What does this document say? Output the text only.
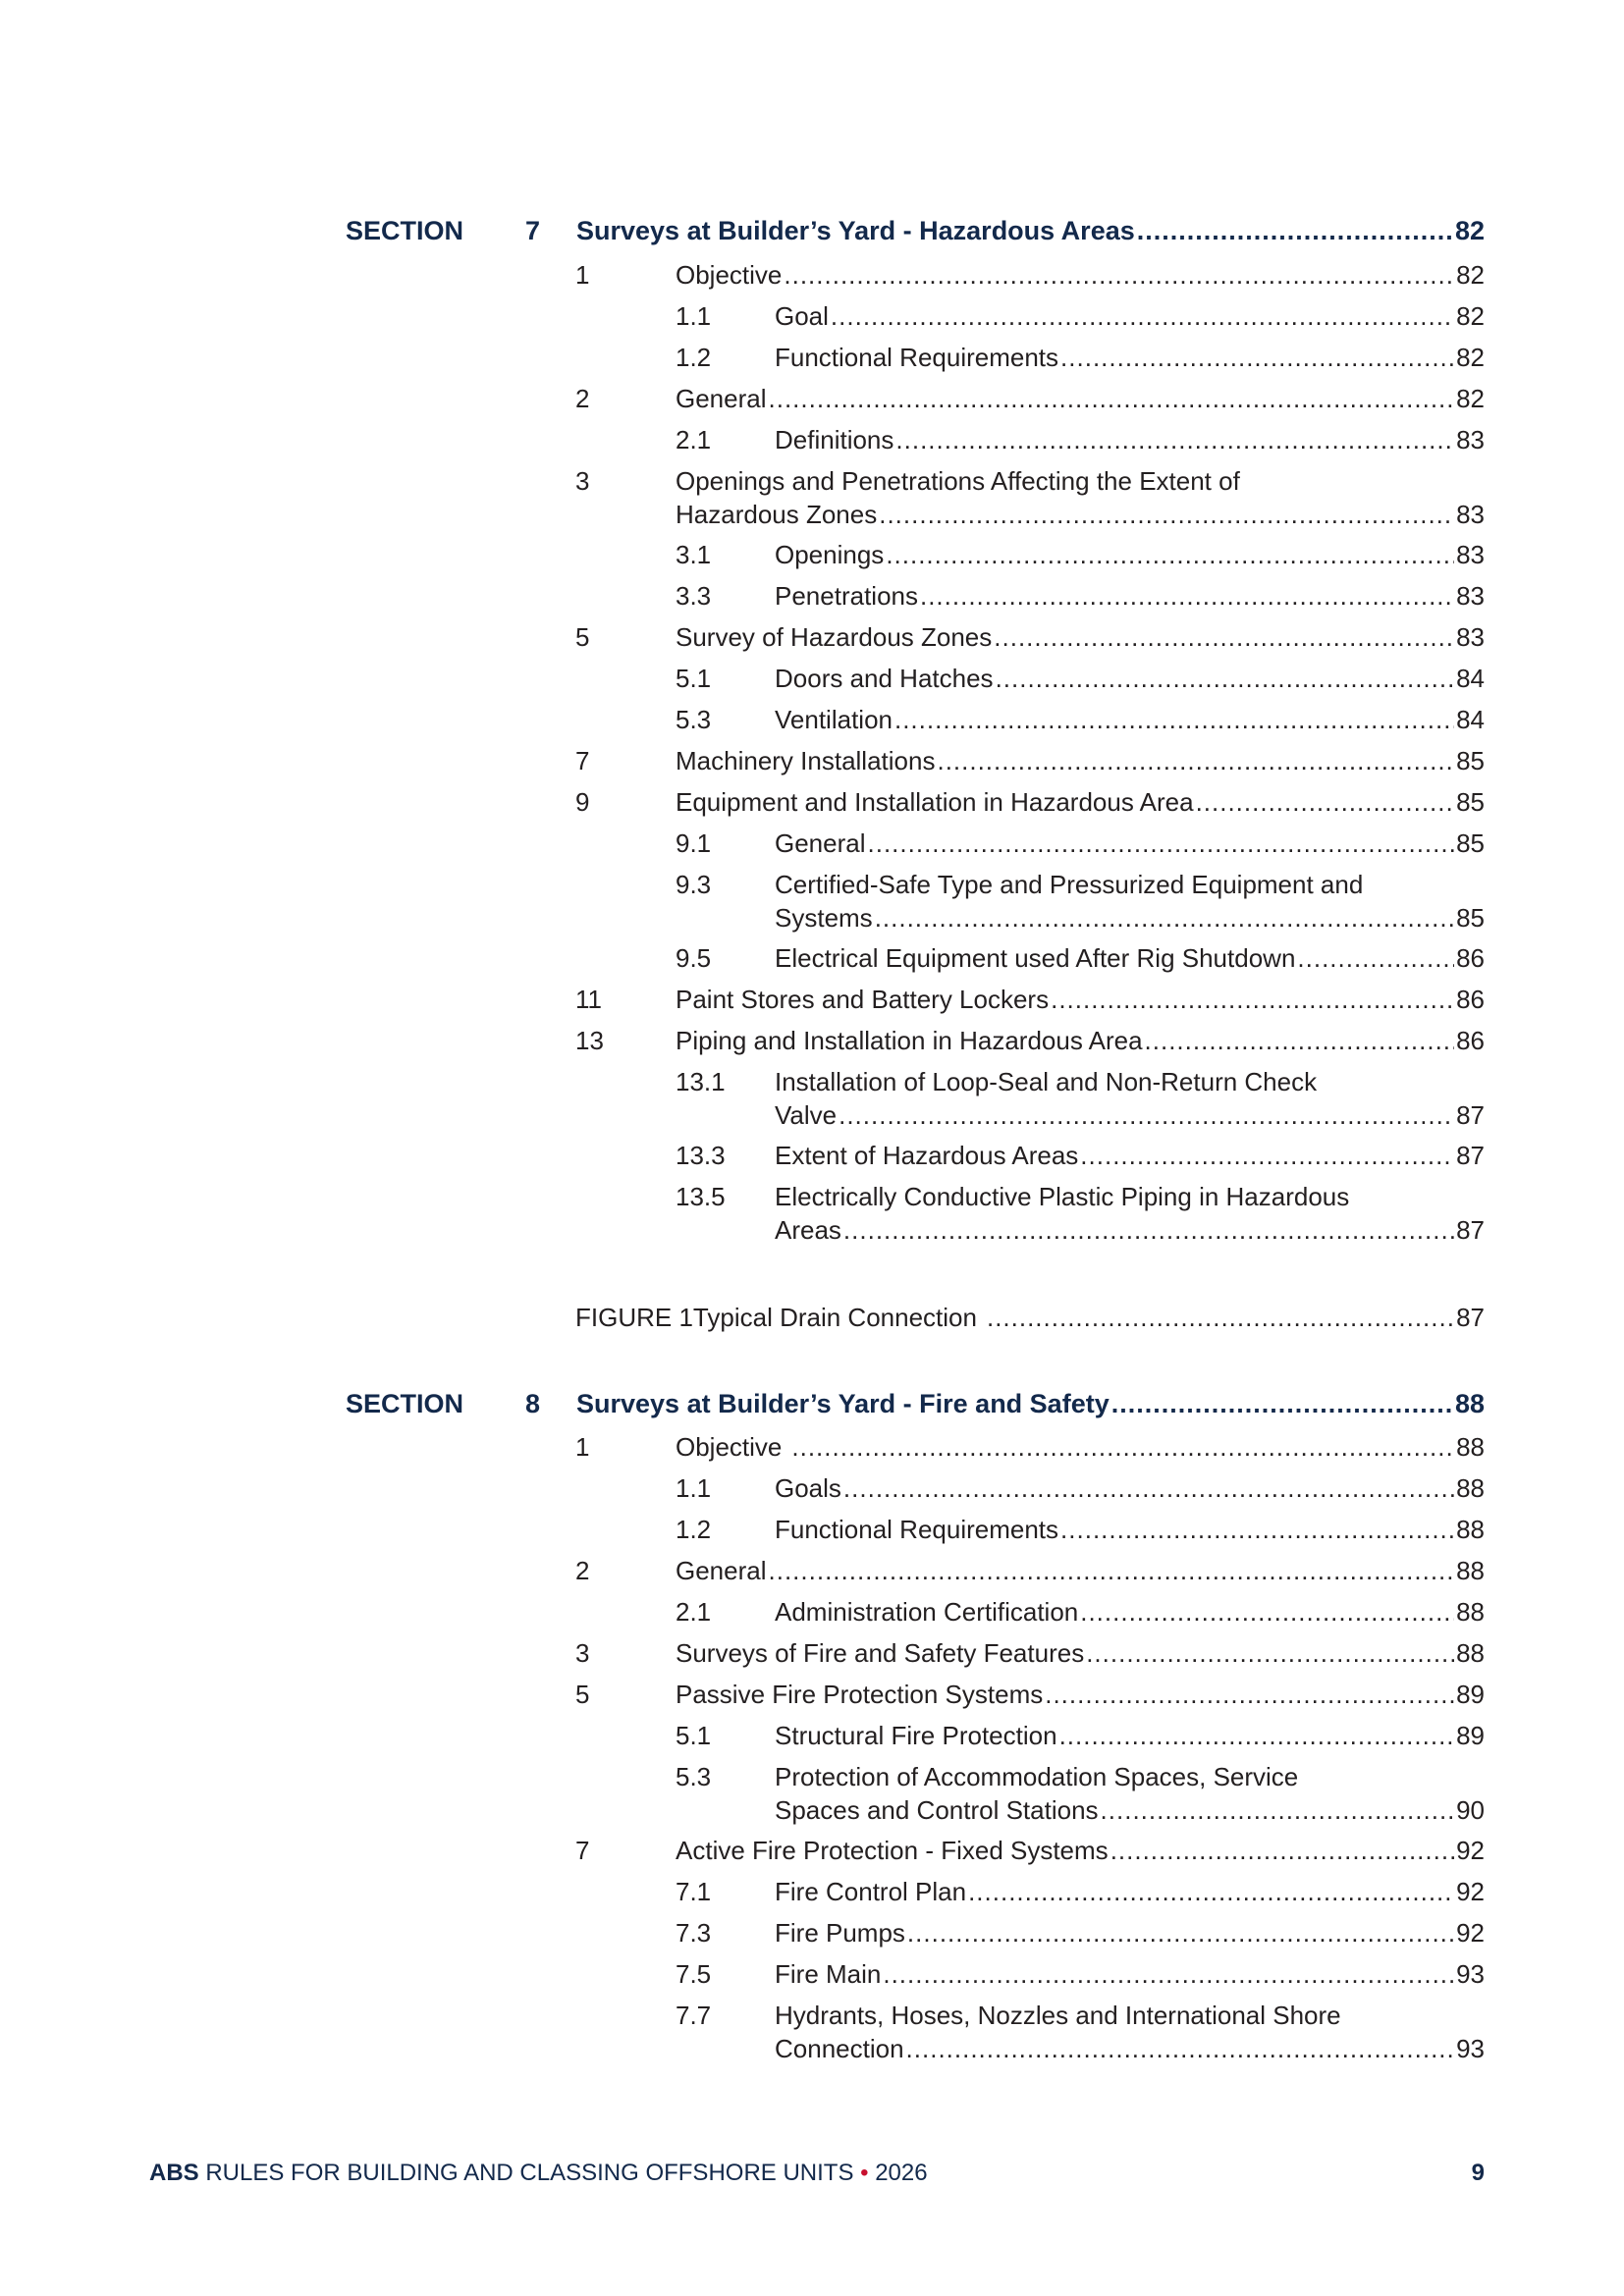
SECTION 7 Surveys at Builder’s Yard - Hazardous Areas .....	82
1	Objective .....	82
1.1 Goal .....	82
1.2 Functional Requirements .....	82
2	General .....	82
2.1 Definitions .....	83
3	Openings and Penetrations Affecting the Extent of
Hazardous Zones .....	83
3.1 Openings .....	83
3.3 Penetrations .....	83
5	Survey of Hazardous Zones .....	83
5.1 Doors and Hatches .....	84
5.3 Ventilation .....	84
7	Machinery Installations .....	85
9	Equipment and Installation in Hazardous Area .....	85
9.1 General .....	85
9.3 Certified-Safe Type and Pressurized Equipment and
Systems .....	85
9.5 Electrical Equipment used After Rig Shutdown .....	86
11	Paint Stores and Battery Lockers .....	86
13	Piping and Installation in Hazardous Area .....	86
13.1 Installation of Loop-Seal and Non-Return Check
Valve .....	87
13.3 Extent of Hazardous Areas .....	87
13.5 Electrically Conductive Plastic Piping in Hazardous
Areas .....	87
FIGURE 1 Typical Drain Connection .....	87
SECTION 8 Surveys at Builder’s Yard - Fire and Safety .....	88
1	Objective .....	88
1.1 Goals .....	88
1.2 Functional Requirements .....	88
2	General .....	88
2.1 Administration Certification .....	88
3	Surveys of Fire and Safety Features .....	88
5	Passive Fire Protection Systems .....	89
5.1 Structural Fire Protection .....	89
5.3 Protection of Accommodation Spaces, Service
Spaces and Control Stations .....	90
7	Active Fire Protection - Fixed Systems .....	92
7.1 Fire Control Plan .....	92
7.3 Fire Pumps .....	92
7.5 Fire Main .....	93
7.7 Hydrants, Hoses, Nozzles and International Shore
Connection .....	93
ABS RULES FOR BUILDING AND CLASSING OFFSHORE UNITS • 2026	9
